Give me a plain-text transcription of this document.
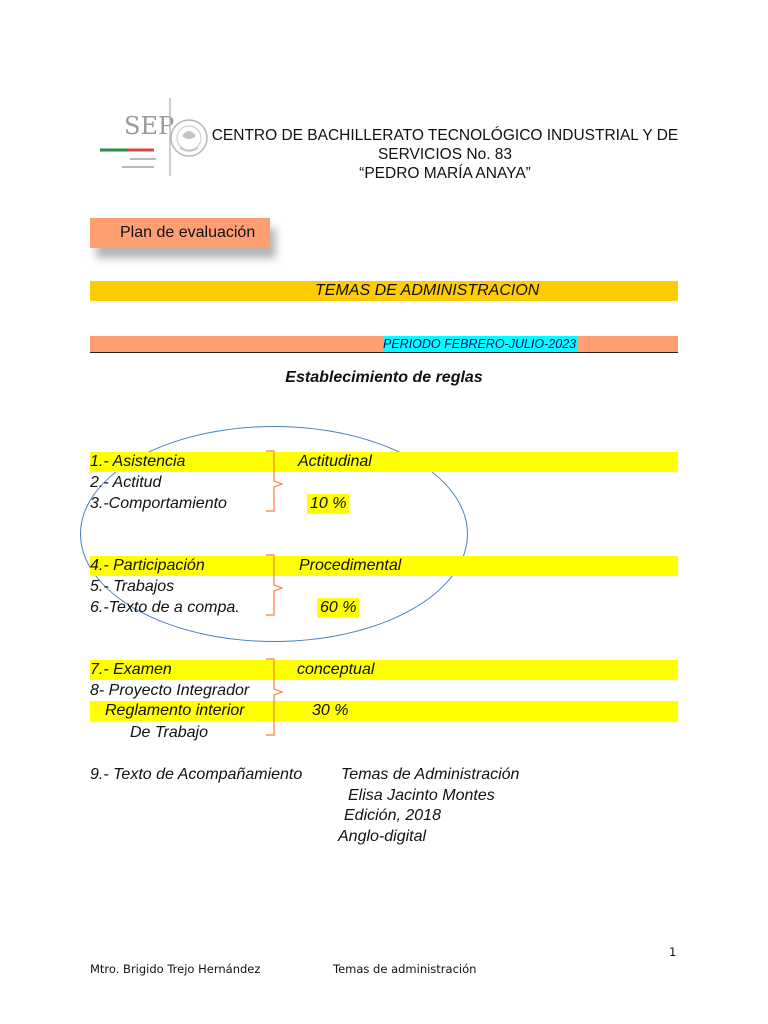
SEP	CENTRO DE BACHILLERATO TECNOLÓGICO INDUSTRIAL Y DE
SERVICIOS No. 83
“PEDRO MARÍA ANAYA”
Plan de evaluación
TEMAS DE ADMINISTRACION
PERIODO FEBRERO-JULIO-2023
Establecimiento de reglas
1.- Asistencia
2.- Actitud
3.-Comportamiento
Actitudinal
10 %
4.- Participación
5.- Trabajos
6.-Texto de a compa.
Procedimental
60 %
7.- Examen
8- Proyecto Integrador
Reglamento interior
De Trabajo
conceptual
30 %
9.- Texto de Acompañamiento Temas de Administración
Elisa Jacinto Montes
Edición, 2018
Anglo-digital
1
Mtro. Brigido Trejo Hernández	Temas de administración
